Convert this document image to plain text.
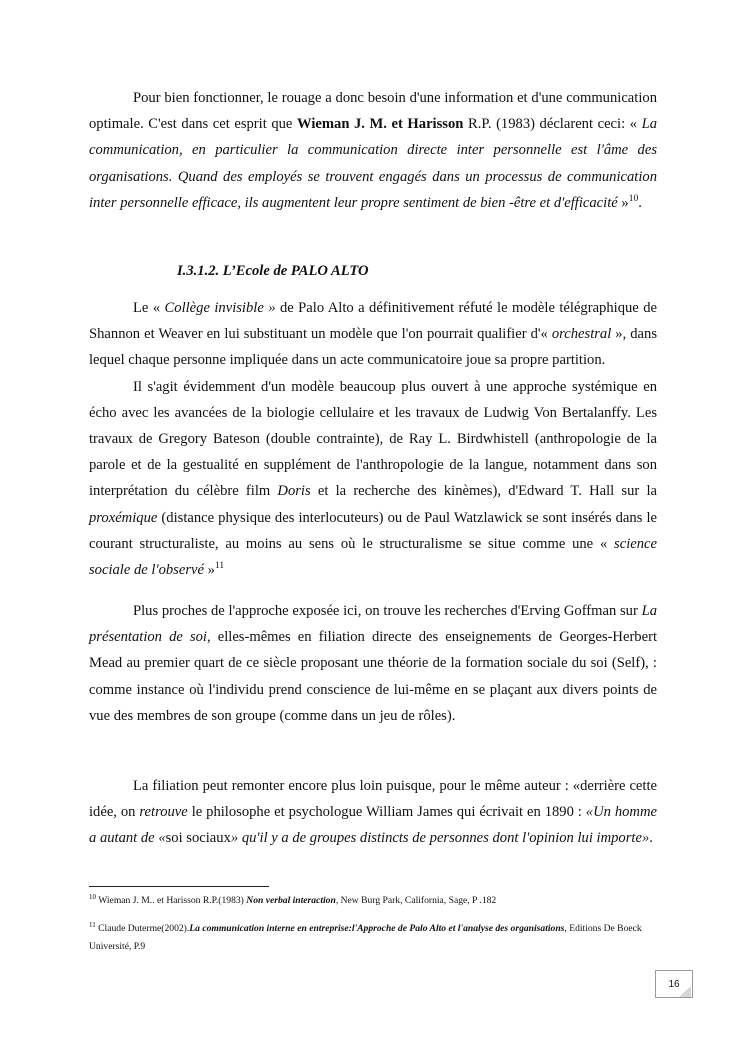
Pour bien fonctionner, le rouage a donc besoin d'une information et d'une communication optimale. C'est dans cet esprit que Wieman J. M. et Harisson R.P. (1983) déclarent ceci: « La communication, en particulier la communication directe inter personnelle est l'âme des organisations. Quand des employés se trouvent engagés dans un processus de communication inter personnelle efficace, ils augmentent leur propre sentiment de bien -être et d'efficacité »$^{10}$.

I.3.1.2. L’Ecole de PALO ALTO

Le « Collège invisible » de Palo Alto a définitivement réfuté le modèle télégraphique de Shannon et Weaver en lui substituant un modèle que l'on pourrait qualifier d'« orchestral », dans lequel chaque personne impliquée dans un acte communicatoire joue sa propre partition.

Il s'agit évidemment d'un modèle beaucoup plus ouvert à une approche systémique en écho avec les avancées de la biologie cellulaire et les travaux de Ludwig Von Bertalanffy. Les travaux de Gregory Bateson (double contrainte), de Ray L. Birdwhistell (anthropologie de la parole et de la gestualité en supplément de l'anthropologie de la langue, notamment dans son interprétation du célèbre film Doris et la recherche des kinèmes), d'Edward T. Hall sur la proxémique (distance physique des interlocuteurs) ou de Paul Watzlawick se sont insérés dans le courant structuraliste, au moins au sens où le structuralisme se situe comme une « science sociale de l'observé »$^{11}$

Plus proches de l'approche exposée ici, on trouve les recherches d'Erving Goffman sur La présentation de soi, elles-mêmes en filiation directe des enseignements de Georges-Herbert Mead au premier quart de ce siècle proposant une théorie de la formation sociale du soi (Self), : comme instance où l'individu prend conscience de lui-même en se plaçant aux divers points de vue des membres de son groupe (comme dans un jeu de rôles).

La filiation peut remonter encore plus loin puisque, pour le même auteur : «derrière cette idée, on retrouve le philosophe et psychologue William James qui écrivait en 1890 : «Un homme a autant de «soi sociaux» qu'il y a de groupes distincts de personnes dont l'opinion lui importe».

$^{10}$ Wieman J. M.. et Harisson R.P.(1983) Non verbal interaction, New Burg Park, California, Sage, P .182
$^{11}$ Claude Duterme(2002).La communication interne en entreprise:l'Approche de Palo Alto et l'analyse des organisations, Editions De Boeck Université, P.9
16
